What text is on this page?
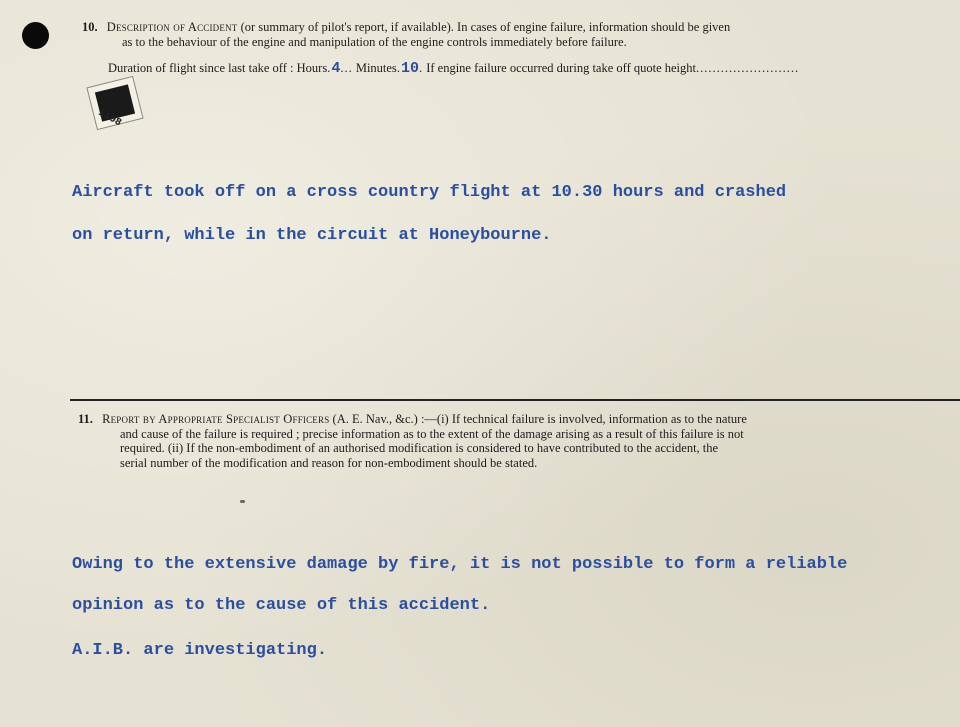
1108
10. Description of Accident (or summary of pilot's report, if available). In cases of engine failure, information should be given
as to the behaviour of the engine and manipulation of the engine controls immediately before failure.
Duration of flight since last take off : Hours.4... Minutes.10. If engine failure occurred during take off quote height.........................
Aircraft took off on a cross country flight at 10.30 hours and crashed
on return, while in the circuit at Honeybourne.
11. Report by Appropriate Specialist Officers (A. E. Nav., &c.) :—(i) If technical failure is involved, information as to the nature
and cause of the failure is required ; precise information as to the extent of the damage arising as a result of this failure is not
required. (ii) If the non-embodiment of an authorised modification is considered to have contributed to the accident, the
serial number of the modification and reason for non-embodiment should be stated.
Owing to the extensive damage by fire, it is not possible to form a reliable
opinion as to the cause of this accident.
A.I.B. are investigating.
